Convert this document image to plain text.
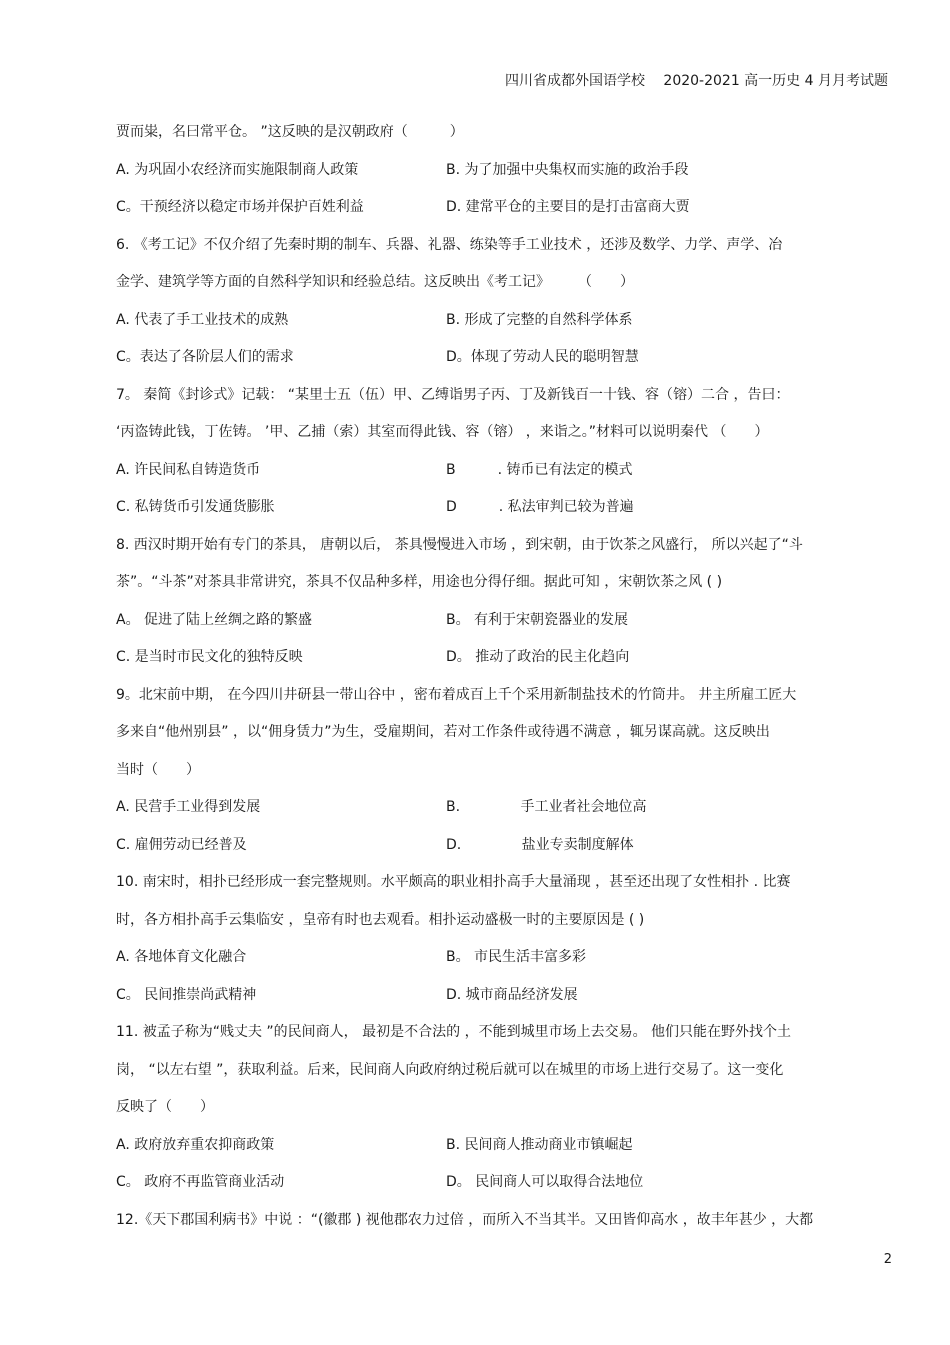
四川省成都外国语学校　 2020-2021 高一历史 4 月月考试题
贾而粜，名曰常平仓。 ”这反映的是汉朝政府（　　　）
A. 为巩固小农经济而实施限制商人政策	B. 为了加强中央集权而实施的政治手段
C。干预经济以稳定市场并保护百姓利益	D. 建常平仓的主要目的是打击富商大贾
6. 《考工记》不仅介绍了先秦时期的制车、兵器、礼器、练染等手工业技术 ，还涉及数学、力学、声学、冶
金学、建筑学等方面的自然科学知识和经验总结。这反映出《考工记》　　　（　　）
A. 代表了手工业技术的成熟	B. 形成了完整的自然科学体系
C。表达了各阶层人们的需求	D。体现了劳动人民的聪明智慧
7。 秦简《封诊式》记载： “某里士五（伍）甲、乙缚诣男子丙、丁及新钱百一十钱、容（镕）二合 ，告曰：
‘丙盗铸此钱，丁佐铸。 ’甲、乙捕（索）其室而得此钱、容（镕） ，来诣之。”材料可以说明秦代 （　　）
A. 许民间私自铸造货币	B　　　. 铸币已有法定的模式
C. 私铸货币引发通货膨胀	D　　　. 私法审判已较为普遍
8. 西汉时期开始有专门的茶具， 唐朝以后， 茶具慢慢进入市场 ，到宋朝，由于饮茶之风盛行， 所以兴起了“斗
茶”。“斗茶”对茶具非常讲究，茶具不仅品种多样，用途也分得仔细。据此可知 ，宋朝饮茶之风 ( )
A。 促进了陆上丝绸之路的繁盛	B。 有利于宋朝瓷器业的发展
C. 是当时市民文化的独特反映	D。 推动了政治的民主化趋向
9。北宋前中期， 在今四川井研县一带山谷中 ，密布着成百上千个采用新制盐技术的竹筒井。 井主所雇工匠大
多来自“他州别县” ，以“佣身赁力”为生，受雇期间，若对工作条件或待遇不满意 ，辄另谋高就。这反映出
当时（　　）
A. 民营手工业得到发展	B.　　　　 手工业者社会地位高
C. 雇佣劳动已经普及	D.　　　　 盐业专卖制度解体
10. 南宋时，相扑已经形成一套完整规则。水平颇高的职业相扑高手大量涌现 ，甚至还出现了女性相扑 . 比赛
时，各方相扑高手云集临安 ，皇帝有时也去观看。相扑运动盛极一时的主要原因是 ( )
A. 各地体育文化融合	B。 市民生活丰富多彩
C。 民间推崇尚武精神	D. 城市商品经济发展
11. 被孟子称为“贱丈夫 ”的民间商人， 最初是不合法的 ，不能到城里市场上去交易。 他们只能在野外找个土
岗， “以左右望 ”，获取利益。后来，民间商人向政府纳过税后就可以在城里的市场上进行交易了。这一变化
反映了（　　）
A. 政府放弃重农抑商政策	B. 民间商人推动商业市镇崛起
C。 政府不再监管商业活动	D。 民间商人可以取得合法地位
12.《天下郡国利病书》中说 ：“(徽郡 ) 视他郡农力过倍 ，而所入不当其半。又田皆仰高水 ，故丰年甚少 ，大都
2
